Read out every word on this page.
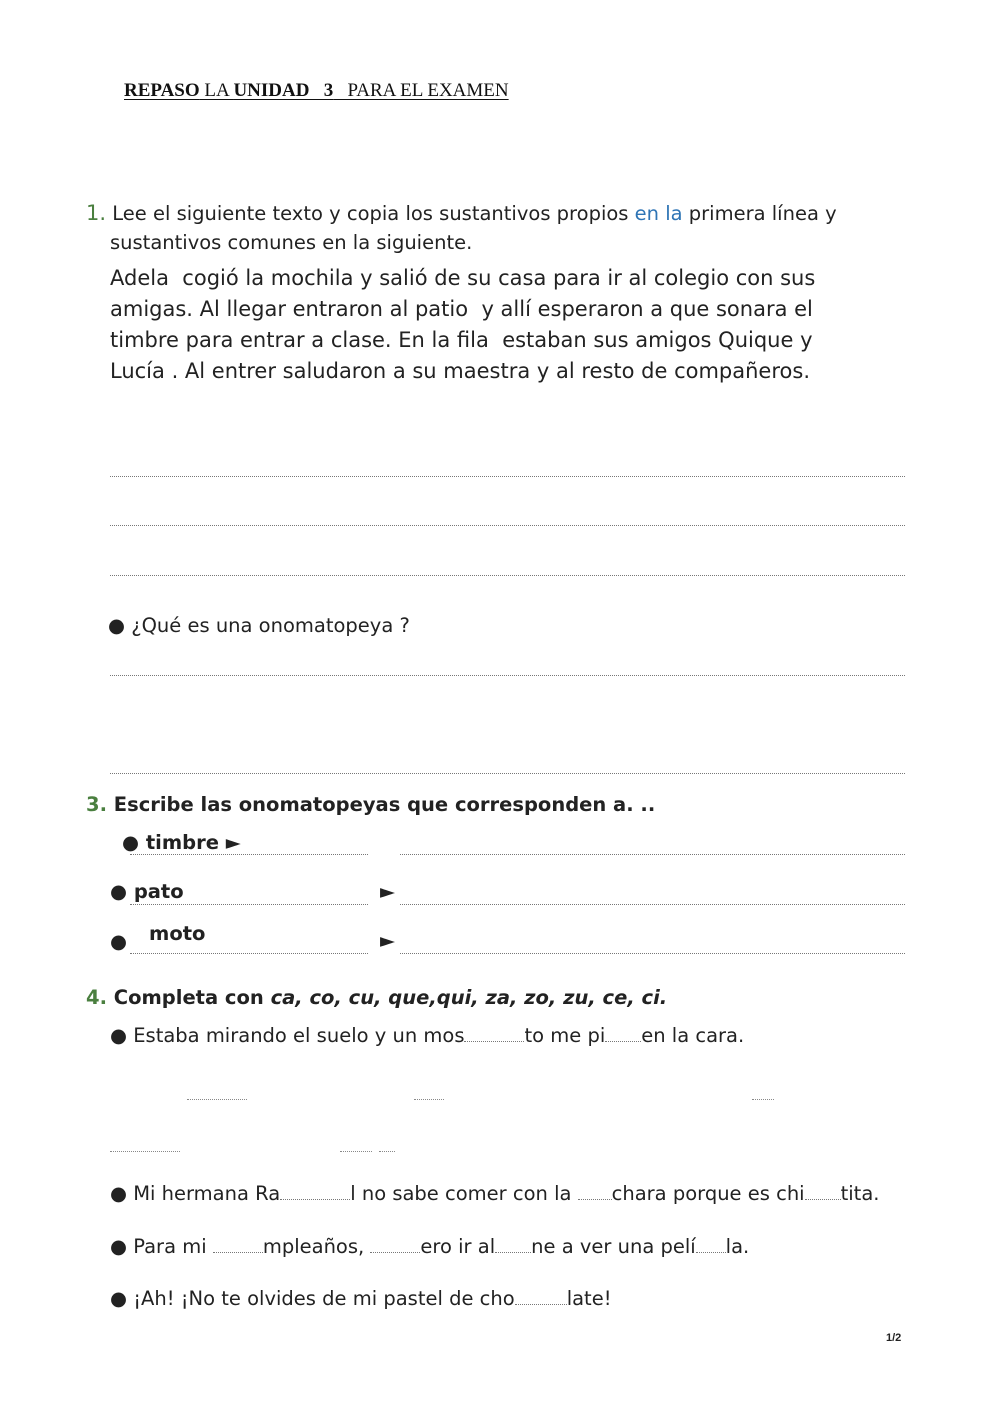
REPASO LA UNIDAD   3   PARA EL EXAMEN
1. Lee el siguiente texto y copia los sustantivos propios en la primera línea y
sustantivos comunes en la siguiente.
Adela  cogió la mochila y salió de su casa para ir al colegio con sus
amigas. Al llegar entraron al patio  y allí esperaron a que sonara el
timbre para entrar a clase. En la fila  estaban sus amigos Quique y
Lucía . Al entrer saludaron a su maestra y al resto de compañeros.
● ¿Qué es una onomatopeya ?
3. Escribe las onomatopeyas que corresponden a. ..
● timbre ►
● pato	►
● moto	►
4. Completa con ca, co, cu, que,qui, za, zo, zu, ce, ci.
● Estaba mirando el suelo y un mos	to me pi en la cara.
● Mi hermana Ra	l no sabe comer con la chara porque es chi tita.
● Para mi	mpleaños,	ero ir al ne a ver una pelí la.
● ¡Ah! ¡No te olvides de mi pastel de cho	late!
1/2
